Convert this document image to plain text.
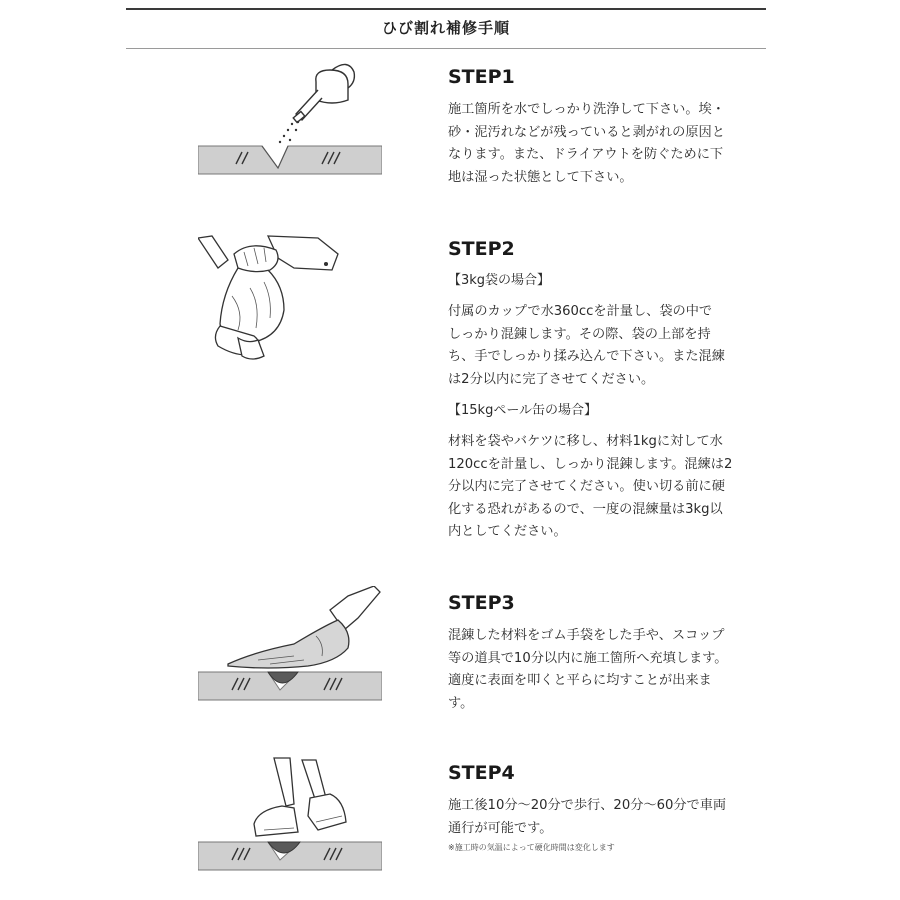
ひび割れ補修手順
STEP1
施工箇所を水でしっかり洗浄して下さい。埃・
砂・泥汚れなどが残っていると剥がれの原因と
なります。また、ドライアウトを防ぐために下
地は湿った状態として下さい。
STEP2
【3kg袋の場合】
付属のカップで水360ccを計量し、袋の中で
しっかり混錬します。その際、袋の上部を持
ち、手でしっかり揉み込んで下さい。また混練
は2分以内に完了させてください。
【15kgペール缶の場合】
材料を袋やバケツに移し、材料1kgに対して水
120ccを計量し、しっかり混錬します。混練は2
分以内に完了させてください。使い切る前に硬
化する恐れがあるので、一度の混練量は3kg以
内としてください。
STEP3
混錬した材料をゴム手袋をした手や、スコップ
等の道具で10分以内に施工箇所へ充填します。
適度に表面を叩くと平らに均すことが出来ま
す。
STEP4
施工後10分〜20分で歩行、20分〜60分で車両
通行が可能です。
※施工時の気温によって硬化時間は変化します
